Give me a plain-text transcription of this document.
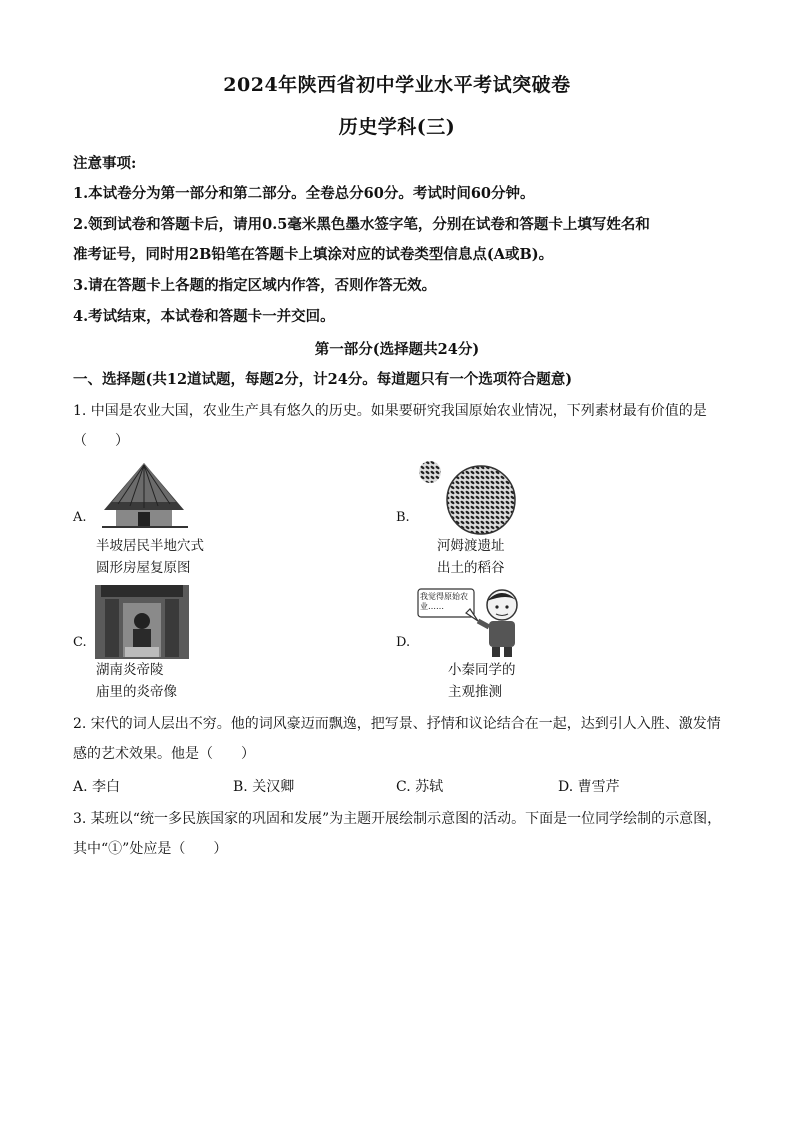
2024年陕西省初中学业水平考试突破卷
历史学科(三)
注意事项:
1.本试卷分为第一部分和第二部分。全卷总分60分。考试时间60分钟。
2.领到试卷和答题卡后，请用0.5毫米黑色墨水签字笔，分别在试卷和答题卡上填写姓名和
准考证号，同时用2B铅笔在答题卡上填涂对应的试卷类型信息点(A或B)。
3.请在答题卡上各题的指定区域内作答，否则作答无效。
4.考试结束，本试卷和答题卡一并交回。
第一部分(选择题共24分)
一、选择题(共12道试题，每题2分，计24分。每道题只有一个选项符合题意)
1. 中国是农业大国，农业生产具有悠久的历史。如果要研究我国原始农业情况，下列素材最有价值的是
（　　）
A.
半坡居民半地穴式
圆形房屋复原图
B.
河姆渡遗址
出土的稻谷
C.
湖南炎帝陵
庙里的炎帝像
D.
我觉得原始农业……
小秦同学的
主观推测
2. 宋代的词人层出不穷。他的词风豪迈而飘逸，把写景、抒情和议论结合在一起，达到引人入胜、激发情
感的艺术效果。他是（　　）
A. 李白	B. 关汉卿	C. 苏轼	D. 曹雪芹
3. 某班以“统一多民族国家的巩固和发展”为主题开展绘制示意图的活动。下面是一位同学绘制的示意图，
其中“①”处应是（　　）
